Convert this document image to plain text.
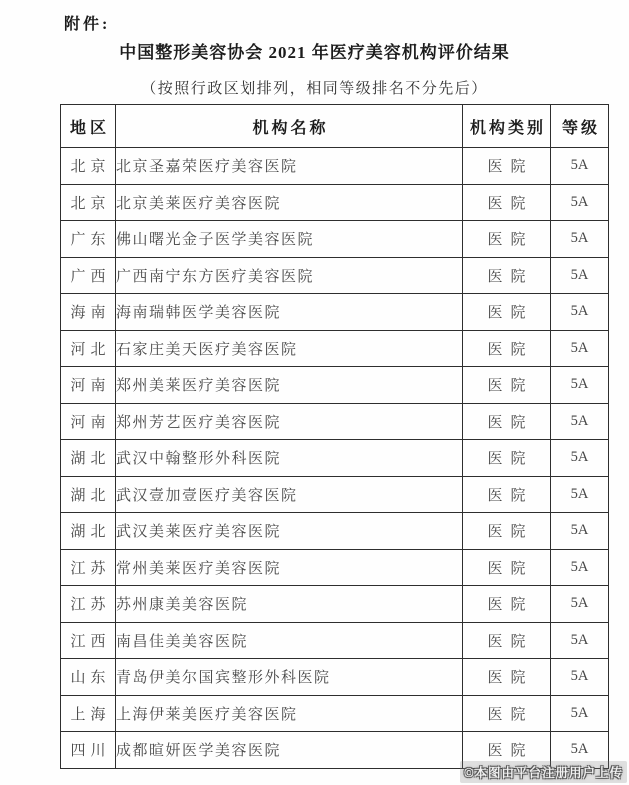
附件:
中国整形美容协会 2021 年医疗美容机构评价结果
（按照行政区划排列，相同等级排名不分先后）
地区	机构名称	机构类别	等级
北京	北京圣嘉荣医疗美容医院	医院	5A
北京	北京美莱医疗美容医院	医院	5A
广东	佛山曙光金子医学美容医院	医院	5A
广西	广西南宁东方医疗美容医院	医院	5A
海南	海南瑞韩医学美容医院	医院	5A
河北	石家庄美天医疗美容医院	医院	5A
河南	郑州美莱医疗美容医院	医院	5A
河南	郑州芳艺医疗美容医院	医院	5A
湖北	武汉中翰整形外科医院	医院	5A
湖北	武汉壹加壹医疗美容医院	医院	5A
湖北	武汉美莱医疗美容医院	医院	5A
江苏	常州美莱医疗美容医院	医院	5A
江苏	苏州康美美容医院	医院	5A
江西	南昌佳美美容医院	医院	5A
山东	青岛伊美尔国宾整形外科医院	医院	5A
上海	上海伊莱美医疗美容医院	医院	5A
四川	成都暄妍医学美容医院	医院	5A
©本图由平台注册用户上传
